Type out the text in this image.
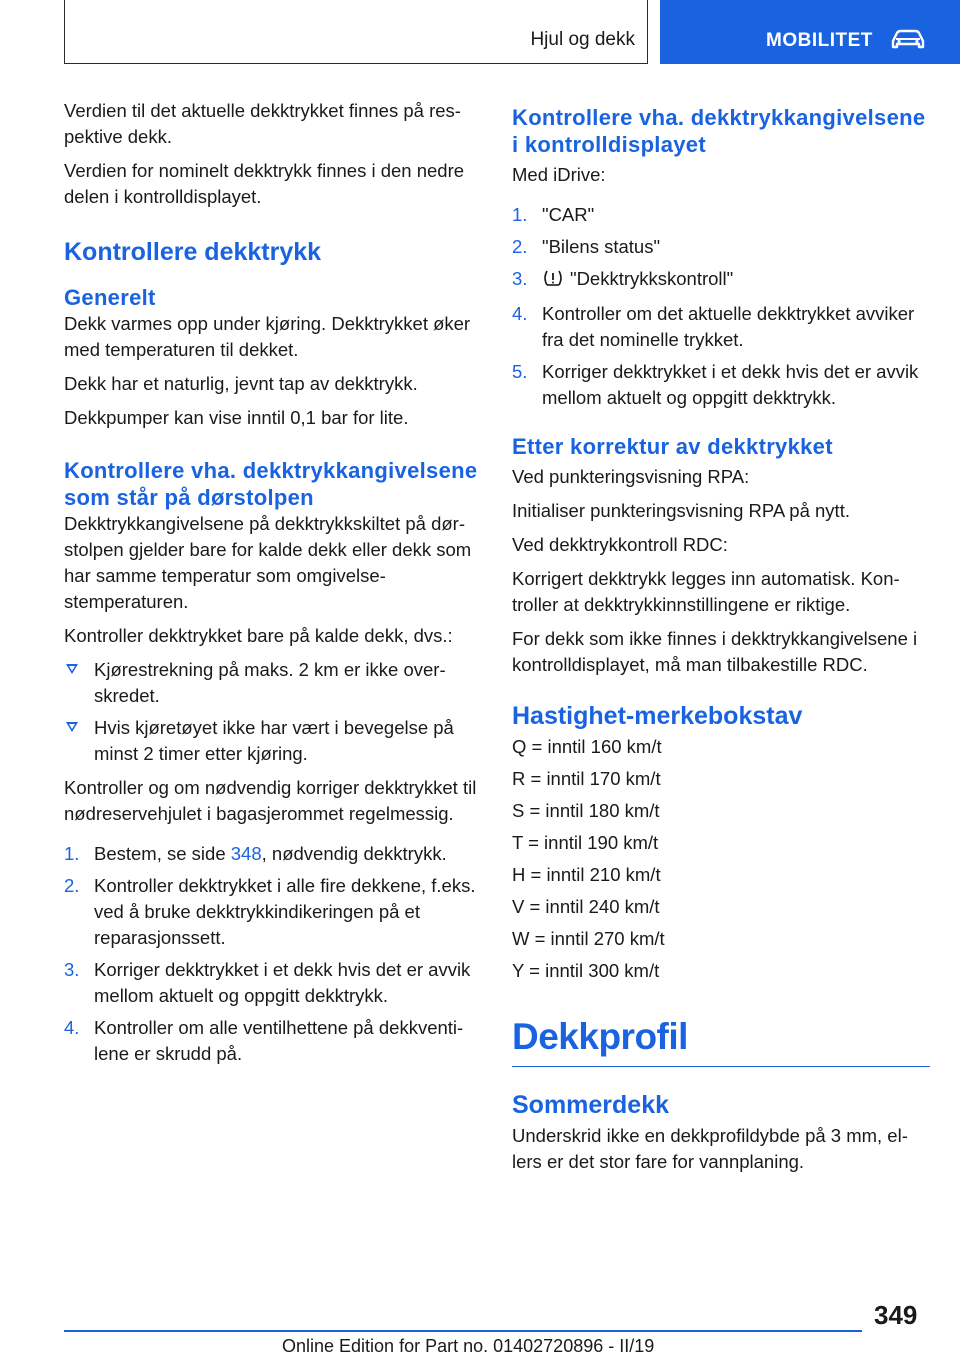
Hjul og dekk	MOBILITET

Verdien til det aktuelle dekktrykket finnes på respektive dekk.

Verdien for nominelt dekktrykk finnes i den nedre delen i kontrolldisplayet.

Kontrollere dekktrykk
Generelt

Dekk varmes opp under kjøring. Dekktrykket øker med temperaturen til dekket.

Dekk har et naturlig, jevnt tap av dekktrykk.

Dekkpumper kan vise inntil 0,1 bar for lite.

Kontrollere vha. dekktrykkangivelsene som står på dørstolpen

Dekktrykkangivelsene på dekktrykkskiltet på dørstolpen gjelder bare for kalde dekk eller dekk som har samme temperatur som omgivelsestemperaturen.

Kontroller dekktrykket bare på kalde dekk, dvs.:

Kjørestrekning på maks. 2 km er ikke overskredet.
Hvis kjøretøyet ikke har vært i bevegelse på minst 2 timer etter kjøring.

Kontroller og om nødvendig korriger dekktrykket til nødreservehjulet i bagasjerommet regelmessig.

1. Bestem, se side 348, nødvendig dekktrykk.
2. Kontroller dekktrykket i alle fire dekkene, f.eks. ved å bruke dekktrykkindikeringen på et reparasjonssett.
3. Korriger dekktrykket i et dekk hvis det er avvik mellom aktuelt og oppgitt dekktrykk.
4. Kontroller om alle ventilhettene på dekkventilene er skrudd på.
Kontrollere vha. dekktrykkangivelsene i kontrolldisplayet

Med iDrive:

1. "CAR"
2. "Bilens status"
3. "Dekktrykkskontroll"
4. Kontroller om det aktuelle dekktrykket avviker fra det nominelle trykket.
5. Korriger dekktrykket i et dekk hvis det er avvik mellom aktuelt og oppgitt dekktrykk.
Etter korrektur av dekktrykket

Ved punkteringsvisning RPA:

Initialiser punkteringsvisning RPA på nytt.

Ved dekktrykkontroll RDC:

Korrigert dekktrykk legges inn automatisk. Kontroller at dekktrykkinnstillingene er riktige.

For dekk som ikke finnes i dekktrykkangivelsene i kontrolldisplayet, må man tilbakestille RDC.

Hastighet-merkebokstav

Q = inntil 160 km/t

R = inntil 170 km/t

S = inntil 180 km/t

T = inntil 190 km/t

H = inntil 210 km/t

V = inntil 240 km/t

W = inntil 270 km/t

Y = inntil 300 km/t

Dekkprofil
Sommerdekk

Underskrid ikke en dekkprofildybde på 3 mm, ellers er det stor fare for vannplaning.

349
Online Edition for Part no. 01402720896 - II/19
